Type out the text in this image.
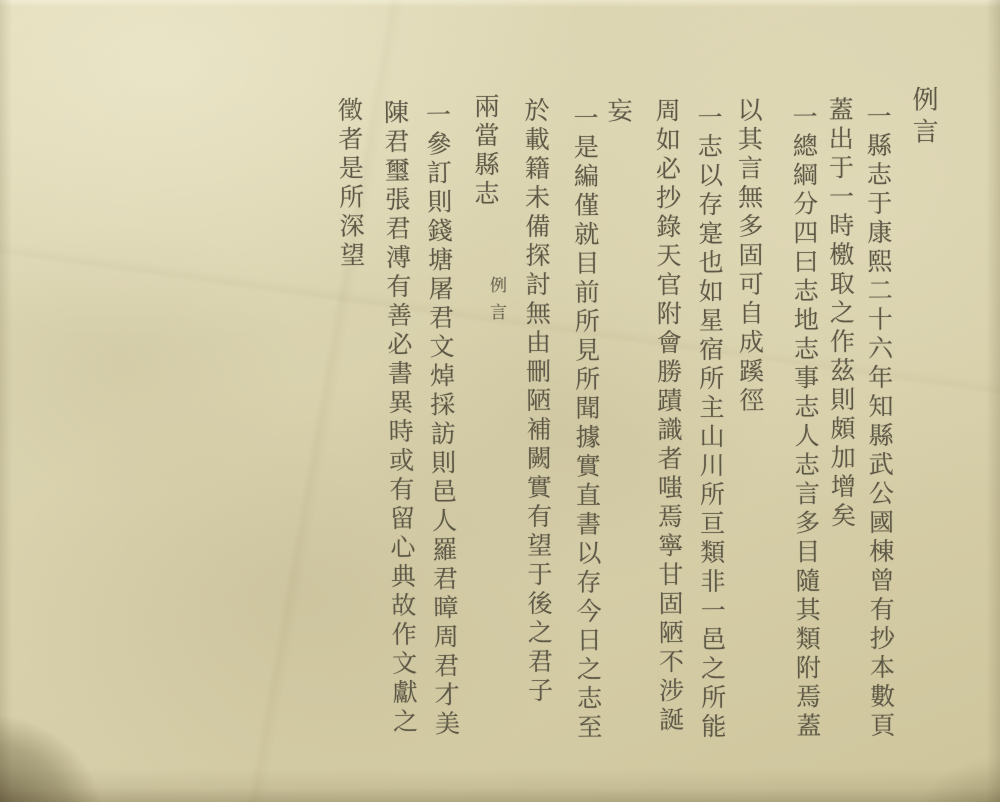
例言
一縣志于康熙二十六年知縣武公國棟曾有抄本數頁
蓋出于一時檄取之作茲則頗加增矣
一總綱分四曰志地志事志人志言多目隨其類附焉蓋
以其言無多固可自成蹊徑
一志以存寔也如星宿所主山川所亘類非一邑之所能
周如必抄錄天官附會勝蹟識者嗤焉寧甘固陋不涉誕
妄
一是編僅就目前所見所聞據實直書以存今日之志至
於載籍未備探討無由刪陋補闕實有望于後之君子
兩當縣志
例言
一參訂則錢塘屠君文焯採訪則邑人羅君暲周君才美
陳君璽張君溥有善必書異時或有留心典故作文獻之
徵者是所深望
